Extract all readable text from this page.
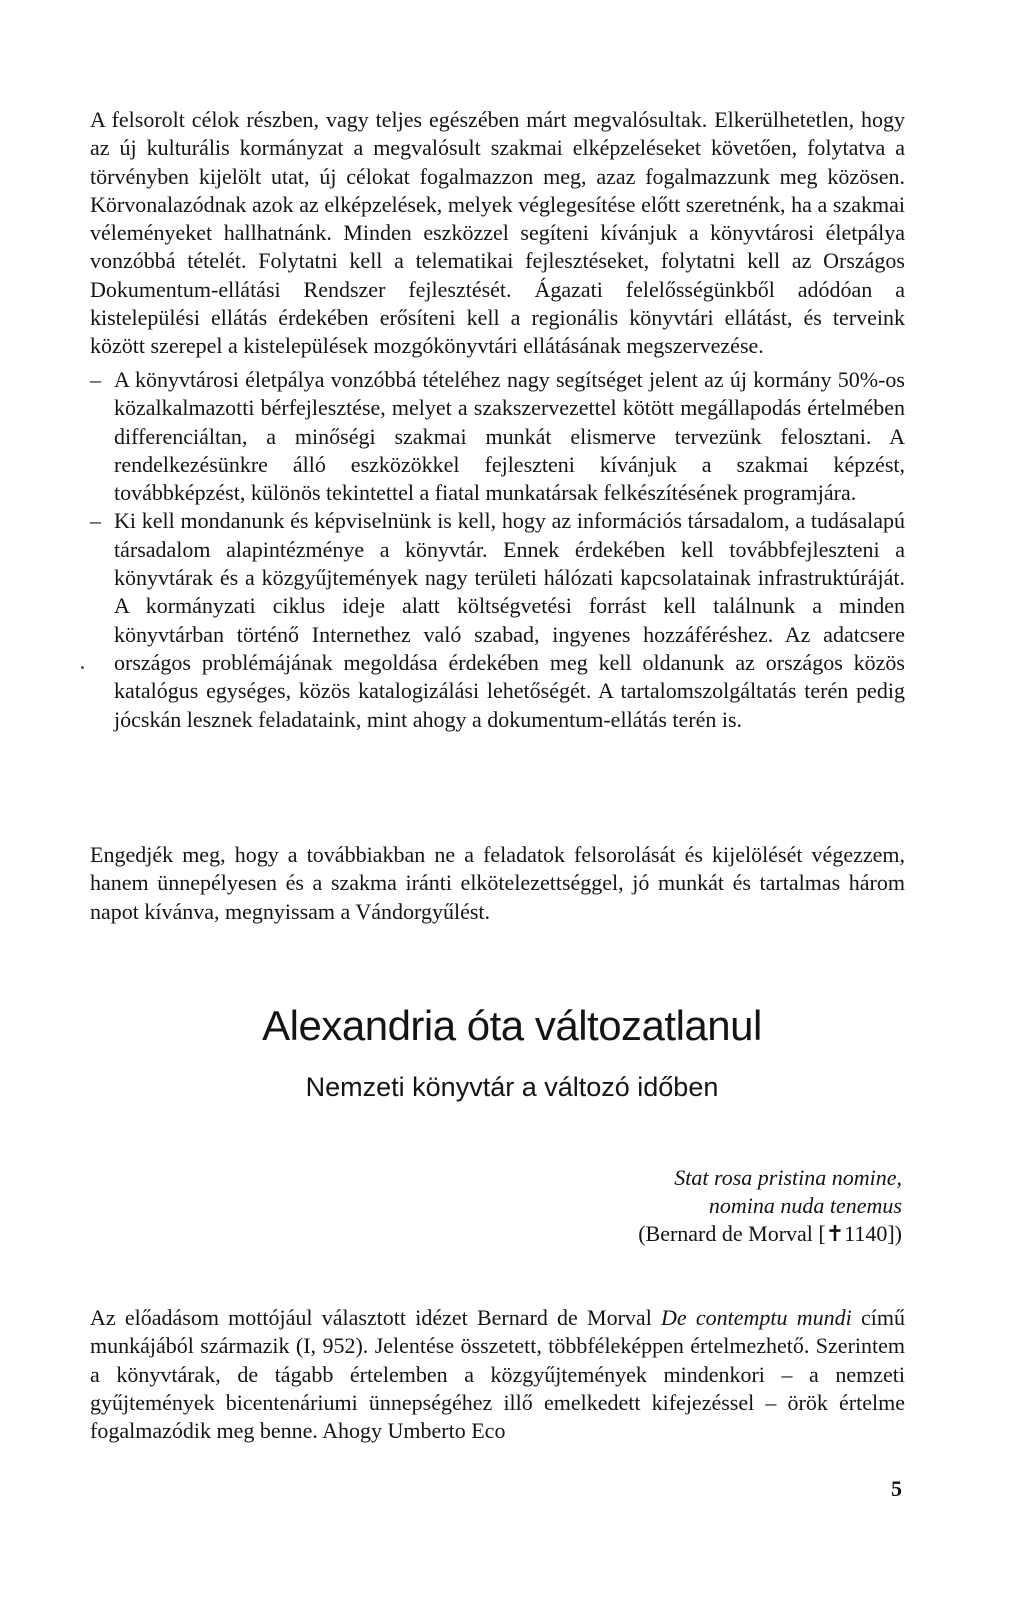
A felsorolt célok részben, vagy teljes egészében márt megvalósultak. Elkerülhetetlen, hogy az új kulturális kormányzat a megvalósult szakmai elképzeléseket követően, folytatva a törvényben kijelölt utat, új célokat fogalmazzon meg, azaz fogalmazzunk meg közösen. Körvonalazódnak azok az elképzelések, melyek véglegesítése előtt szeretnénk, ha a szakmai véleményeket hallhatnánk. Minden eszközzel segíteni kívánjuk a könyvtárosi életpálya vonzóbbá tételét. Folytatni kell a telematikai fejlesztéseket, folytatni kell az Országos Dokumentum-ellátási Rendszer fejlesztését. Ágazati felelősségünkből adódóan a kistelepülési ellátás érdekében erősíteni kell a regionális könyvtári ellátást, és terveink között szerepel a kistelepülések mozgókönyvtári ellátásának megszervezése.

– A könyvtárosi életpálya vonzóbbá tételéhez nagy segítséget jelent az új kormány 50%-os közalkalmazotti bérfejlesztése, melyet a szakszervezettel kötött megállapodás értelmében differenciáltan, a minőségi szakmai munkát elismerve tervezünk felosztani. A rendelkezésünkre álló eszközökkel fejleszteni kívánjuk a szakmai képzést, továbbképzést, különös tekintettel a fiatal munkatársak felkészítésének programjára.
– Ki kell mondanunk és képviselnünk is kell, hogy az információs társadalom, a tudásalapú társadalom alapintézménye a könyvtár. Ennek érdekében kell továbbfejleszteni a könyvtárak és a közgyűjtemények nagy területi hálózati kapcsolatainak infrastruktúráját. A kormányzati ciklus ideje alatt költségvetési forrást kell találnunk a minden könyvtárban történő Internethez való szabad, ingyenes hozzáféréshez. Az adatcsere országos problémájának megoldása érdekében meg kell oldanunk az országos közös katalógus egységes, közös katalogizálási lehetőségét. A tartalomszolgáltatás terén pedig jócskán lesznek feladataink, mint ahogy a dokumentum-ellátás terén is.

Engedjék meg, hogy a továbbiakban ne a feladatok felsorolását és kijelölését végezzem, hanem ünnepélyesen és a szakma iránti elkötelezettséggel, jó munkát és tartalmas három napot kívánva, megnyissam a Vándorgyűlést.

Alexandria óta változatlanul
Nemzeti könyvtár a változó időben
Stat rosa pristina nomine,
nomina nuda tenemus
(Bernard de Morval [✝1140])

Az előadásom mottójául választott idézet Bernard de Morval De contemptu mundi című munkájából származik (I, 952). Jelentése összetett, többféleképpen értelmezhető. Szerintem a könyvtárak, de tágabb értelemben a közgyűjtemények mindenkori – a nemzeti gyűjtemények bicentenáriumi ünnepségéhez illő emelkedett kifejezéssel – örök értelme fogalmazódik meg benne. Ahogy Umberto Eco

5
